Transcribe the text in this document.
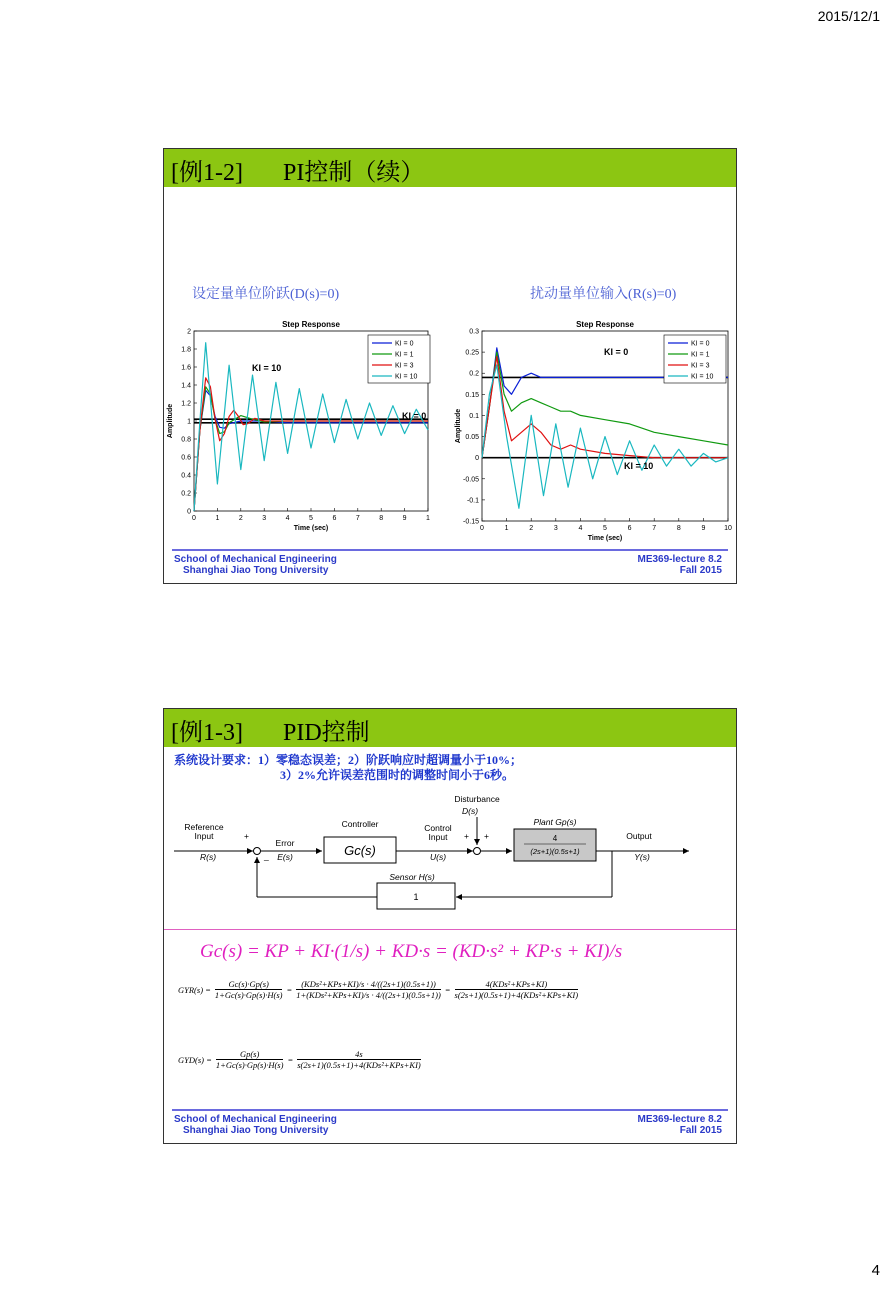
2015/12/1
[例1-2] PI控制（续）
设定量单位阶跃(D(s)=0)	扰动量单位输入(R(s)=0)
Step Response
0	1	2	3	4	5	6	7	8	9	1
0
0.2
0.4
0.6
0.8
1
1.2
1.4
1.6
1.8
2
Time (sec)
Amplitude
KI = 0
KI = 1
KI = 3
KI = 10
KI = 10
KI = 0
Step Response
0	1	2	3	4	5	6	7	8	9	10
-0.15
-0.1
-0.05
0
0.05
0.1
0.15
0.2
0.25
0.3
Time (sec)
Amplitude
KI = 0
KI = 1
KI = 3
KI = 10
KI = 0
KI = 10
School of Mechanical Engineering
Shanghai Jiao Tong University
ME369-lecture 8.2
Fall 2015
[例1-3] PID控制
系统设计要求：1）零稳态误差；2）阶跃响应时超调量小于10%；
3）2%允许误差范围时的调整时间小于6秒。
Reference Input
R(s)
+
_
Error
E(s)
Controller	Control Input
U(s)
Disturbance
D(s)
+ +
Plant Gp(s)
Output
Y(s)
Sensor H(s)
Gc(s)
4
(2s+1)(0.5s+1)
1
Gc(s) = KP + KI·(1/s) + KD·s = (KD·s² + KP·s + KI)/s
$GYR(s) = \frac{Gc(s)\cdot Gp(s)}{1+Gc(s)\cdot Gp(s)\cdot H(s)}$ =
(KDs²+KPs+KI)/s · 4/((2s+1)(0.5s+1))
1+(KDs²+KPs+KI)/s · 4/((2s+1)(0.5s+1))
=
4(KDs²+KPs+KI)
s(2s+1)(0.5s+1)+4(KDs²+KPs+KI)
$GYD(s) = \frac{Gp(s)}{1+Gc(s)\cdot Gp(s)\cdot H(s)}$ =
4s
s(2s+1)(0.5s+1)+4(KDs²+KPs+KI)
School of Mechanical Engineering
Shanghai Jiao Tong University
ME369-lecture 8.2
Fall 2015
4
